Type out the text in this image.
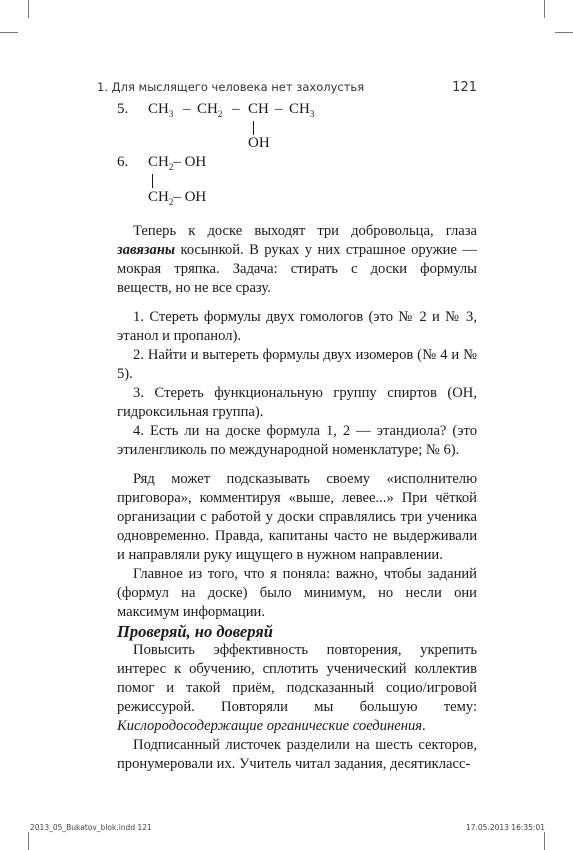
1. Для мыслящего человека нет захолустья	121
5. $CH_3 - CH_2$ – CH – $CH_3$
OH
6. $CH_2-$ OH
$CH_2-$ OH

Теперь к доске выходят три добровольца, глаза завязаны косынкой. В руках у них страшное оружие — мокрая тряпка. Задача: стирать с доски формулы веществ, но не все сразу.

1. Стереть формулы двух гомологов (это № 2 и № 3, этанол и пропанол).

2. Найти и вытереть формулы двух изомеров (№ 4 и № 5).

3. Стереть функциональную группу спиртов (OH, гидроксильная группа).

4. Есть ли на доске формула 1, 2 — этандиола? (это этиленгликоль по международной номенклатуре; № 6).

Ряд может подсказывать своему «исполнителю приговора», комментируя «выше, левее...» При чёткой организации с работой у доски справлялись три ученика одновременно. Правда, капитаны часто не выдерживали и направляли руку ищущего в нужном направлении.

Главное из того, что я поняла: важно, чтобы заданий (формул на доске) было минимум, но несли они максимум информации.

Проверяй, но доверяй

Повысить эффективность повторения, укрепить интерес к обучению, сплотить ученический коллектив помог и такой приём, подсказанный социо/игровой режиссурой. Повторяли мы большую тему: Кислородосодержащие органические соединения.

Подписанный листочек разделили на шесть секторов, пронумеровали их. Учитель читал задания, десятикласс-

2013_05_Bukatov_blok.indd 121	17.05.2013 16:35:01
